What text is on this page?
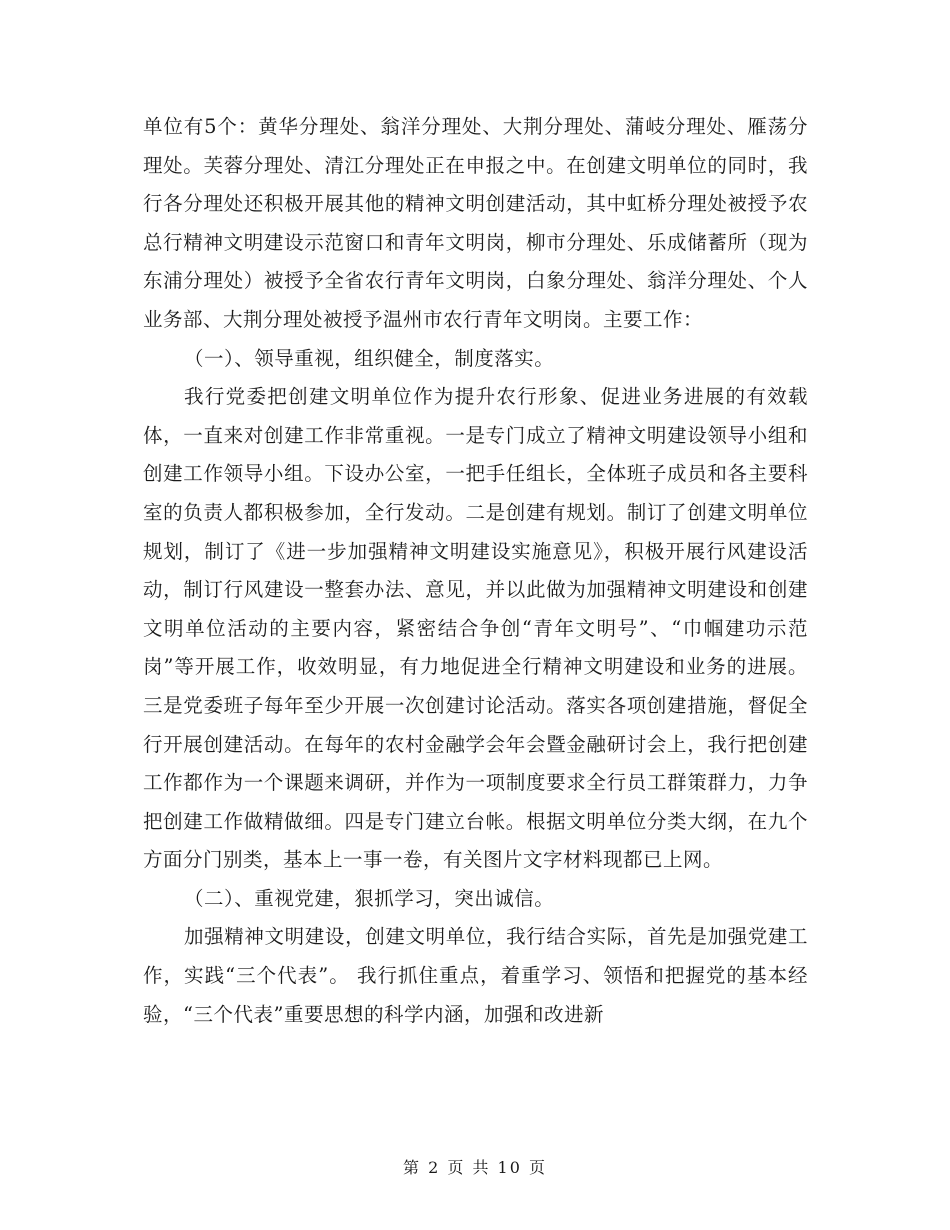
单位有5个：黄华分理处、翁洋分理处、大荆分理处、蒲岐分理处、雁荡分理处。芙蓉分理处、清江分理处正在申报之中。在创建文明单位的同时，我行各分理处还积极开展其他的精神文明创建活动，其中虹桥分理处被授予农总行精神文明建设示范窗口和青年文明岗，柳市分理处、乐成储蓄所（现为东浦分理处）被授予全省农行青年文明岗，白象分理处、翁洋分理处、个人业务部、大荆分理处被授予温州市农行青年文明岗。主要工作：

（一）、领导重视，组织健全，制度落实。

我行党委把创建文明单位作为提升农行形象、促进业务进展的有效载体，一直来对创建工作非常重视。一是专门成立了精神文明建设领导小组和创建工作领导小组。下设办公室，一把手任组长，全体班子成员和各主要科室的负责人都积极参加，全行发动。二是创建有规划。制订了创建文明单位规划，制订了《进一步加强精神文明建设实施意见》，积极开展行风建设活动，制订行风建设一整套办法、意见，并以此做为加强精神文明建设和创建文明单位活动的主要内容，紧密结合争创“青年文明号”、“巾帼建功示范岗”等开展工作，收效明显，有力地促进全行精神文明建设和业务的进展。三是党委班子每年至少开展一次创建讨论活动。落实各项创建措施，督促全行开展创建活动。在每年的农村金融学会年会暨金融研讨会上，我行把创建工作都作为一个课题来调研，并作为一项制度要求全行员工群策群力，力争把创建工作做精做细。四是专门建立台帐。根据文明单位分类大纲，在九个方面分门别类，基本上一事一卷，有关图片文字材料现都已上网。

（二）、重视党建，狠抓学习，突出诚信。

加强精神文明建设，创建文明单位，我行结合实际，首先是加强党建工作，实践“三个代表”。 我行抓住重点，着重学习、领悟和把握党的基本经验，“三个代表”重要思想的科学内涵，加强和改进新

第 2 页 共 10 页
